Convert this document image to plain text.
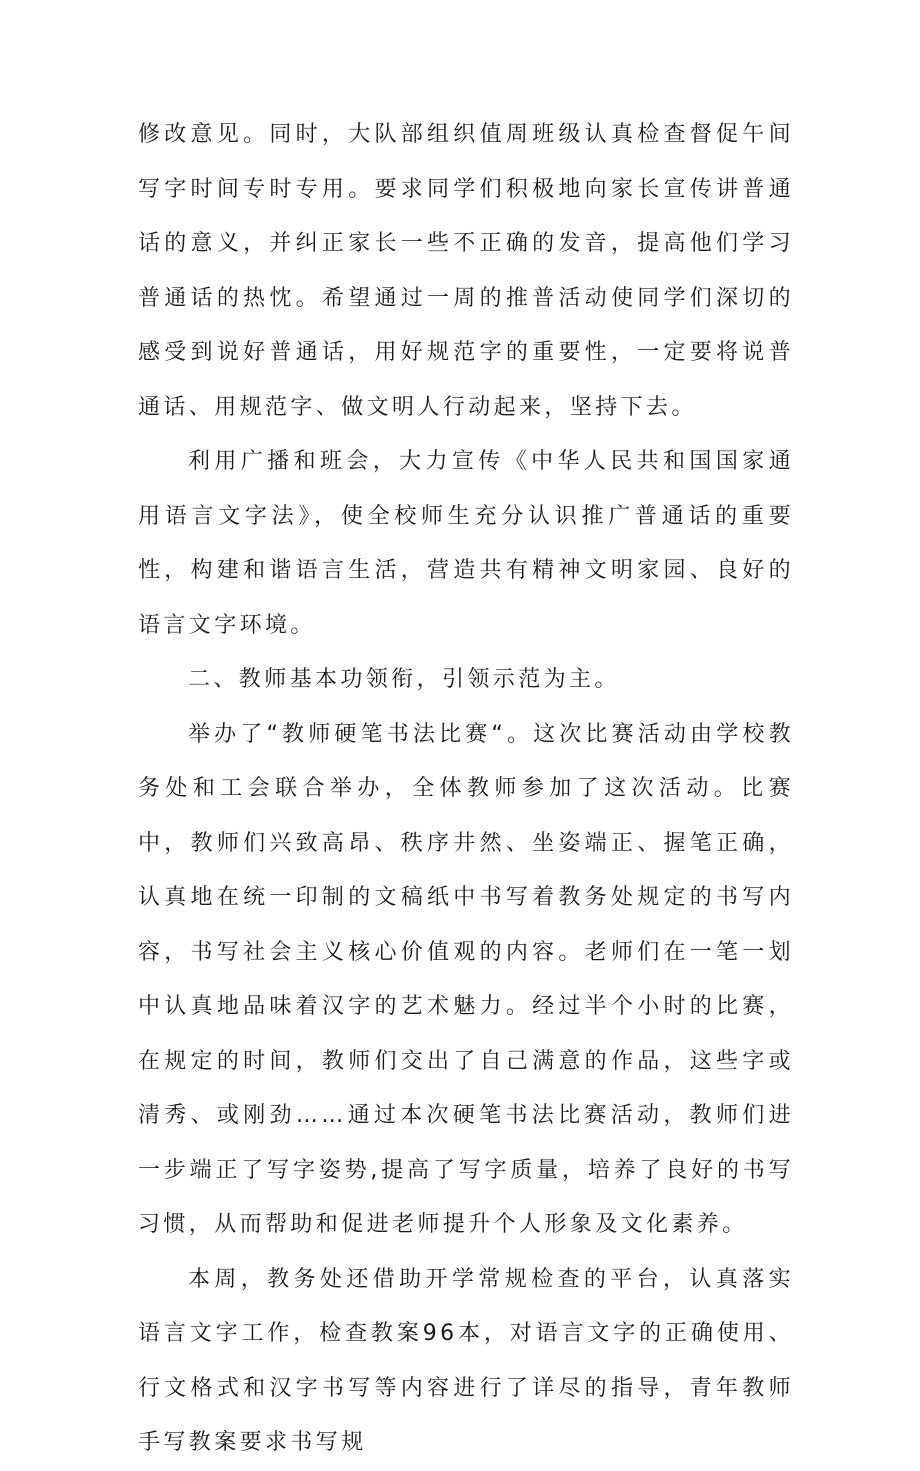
修改意见。同时，大队部组织值周班级认真检查督促午间写字时间专时专用。要求同学们积极地向家长宣传讲普通话的意义，并纠正家长一些不正确的发音，提高他们学习普通话的热忱。希望通过一周的推普活动使同学们深切的感受到说好普通话，用好规范字的重要性，一定要将说普通话、用规范字、做文明人行动起来，坚持下去。

利用广播和班会，大力宣传《中华人民共和国国家通用语言文字法》，使全校师生充分认识推广普通话的重要性，构建和谐语言生活，营造共有精神文明家园、良好的语言文字环境。

二、教师基本功领衔，引领示范为主。

举办了“教师硬笔书法比赛“。这次比赛活动由学校教务处和工会联合举办，全体教师参加了这次活动。比赛中，教师们兴致高昂、秩序井然、坐姿端正、握笔正确，认真地在统一印制的文稿纸中书写着教务处规定的书写内容，书写社会主义核心价值观的内容。老师们在一笔一划中认真地品味着汉字的艺术魅力。经过半个小时的比赛，在规定的时间，教师们交出了自己满意的作品，这些字或清秀、或刚劲……通过本次硬笔书法比赛活动，教师们进一步端正了写字姿势,提高了写字质量，培养了良好的书写习惯，从而帮助和促进老师提升个人形象及文化素养。

本周，教务处还借助开学常规检查的平台，认真落实语言文字工作，检查教案96本，对语言文字的正确使用、行文格式和汉字书写等内容进行了详尽的指导，青年教师手写教案要求书写规
